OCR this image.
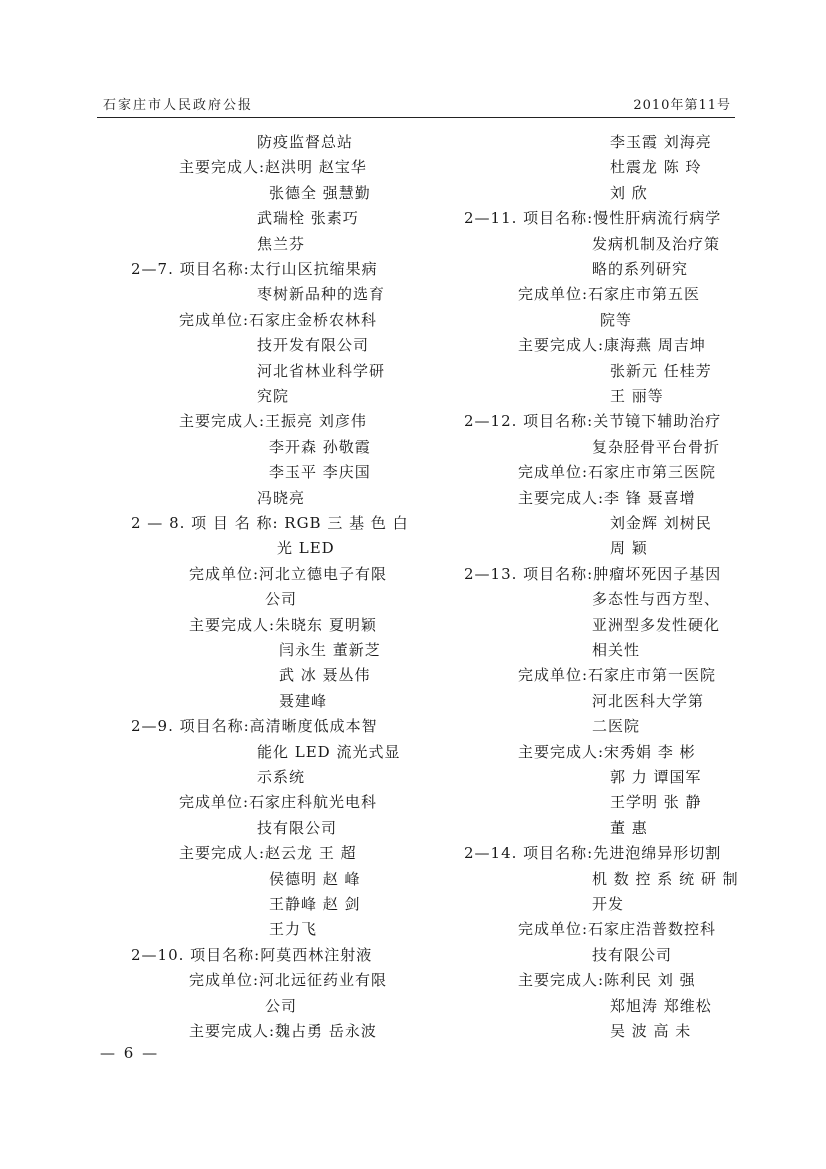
石家庄市人民政府公报	2010年第11号
防疫监督总站
主要完成人:赵洪明 赵宝华
张德全 强慧勤
武瑞栓 张素巧
焦兰芬
2—7. 项目名称:太行山区抗缩果病
枣树新品种的选育
完成单位:石家庄金桥农林科
技开发有限公司
河北省林业科学研
究院
主要完成人:王振亮 刘彦伟
李开森 孙敬霞
李玉平 李庆国
冯晓亮
2 — 8. 项 目 名 称: RGB 三 基 色 白
光 LED
完成单位:河北立德电子有限
公司
主要完成人:朱晓东 夏明颖
闫永生 董新芝
武 冰 聂丛伟
聂建峰
2—9. 项目名称:高清晰度低成本智
能化 LED 流光式显
示系统
完成单位:石家庄科航光电科
技有限公司
主要完成人:赵云龙 王 超
侯德明 赵 峰
王静峰 赵 剑
王力飞
2—10. 项目名称:阿莫西林注射液
完成单位:河北远征药业有限
公司
主要完成人:魏占勇 岳永波
李玉霞 刘海亮
杜震龙 陈 玲
刘 欣
2—11. 项目名称:慢性肝病流行病学
发病机制及治疗策
略的系列研究
完成单位:石家庄市第五医
院等
主要完成人:康海燕 周吉坤
张新元 任桂芳
王 丽等
2—12. 项目名称:关节镜下辅助治疗
复杂胫骨平台骨折
完成单位:石家庄市第三医院
主要完成人:李 锋 聂喜增
刘金辉 刘树民
周 颖
2—13. 项目名称:肿瘤坏死因子基因
多态性与西方型、
亚洲型多发性硬化
相关性
完成单位:石家庄市第一医院
河北医科大学第
二医院
主要完成人:宋秀娟 李 彬
郭 力 谭国军
王学明 张 静
董 惠
2—14. 项目名称:先进泡绵异形切割
机 数 控 系 统 研 制
开发
完成单位:石家庄浩普数控科
技有限公司
主要完成人:陈利民 刘 强
郑旭涛 郑维松
吴 波 高 未
— 6 —
